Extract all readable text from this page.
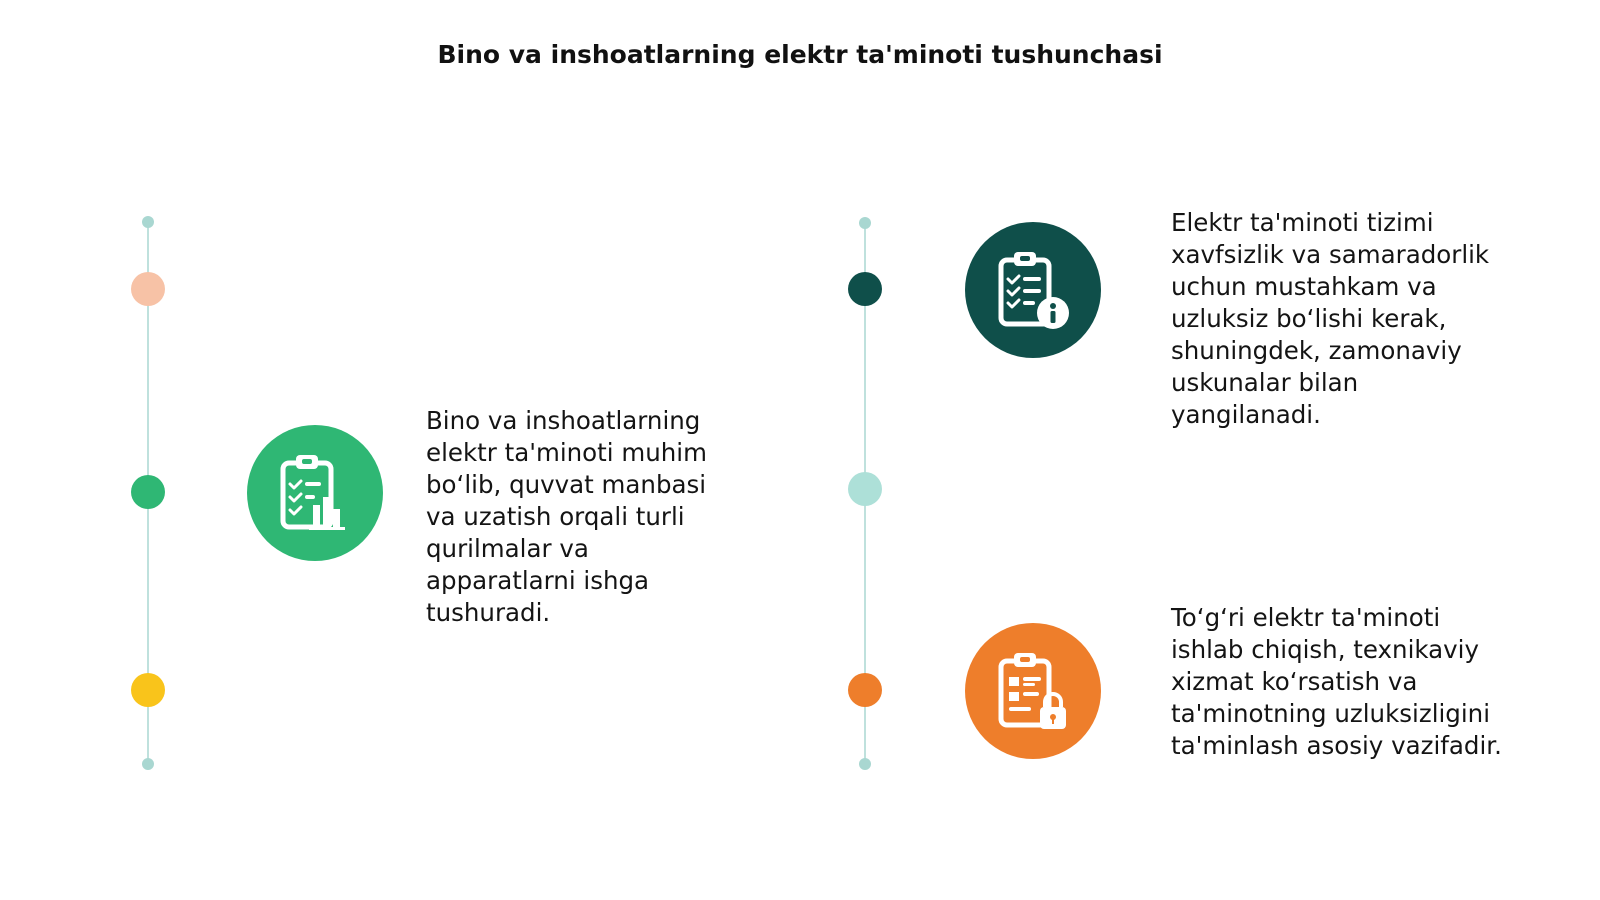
Bino va inshoatlarning elektr ta'minoti tushunchasi

Bino va inshoatlarning
elektr ta'minoti muhim
bo‘lib, quvvat manbasi
va uzatish orqali turli
qurilmalar va
apparatlarni ishga
tushuradi.

Elektr ta'minoti tizimi
xavfsizlik va samaradorlik
uchun mustahkam va
uzluksiz bo‘lishi kerak,
shuningdek, zamonaviy
uskunalar bilan
yangilanadi.

To‘g‘ri elektr ta'minoti
ishlab chiqish, texnikaviy
xizmat ko‘rsatish va
ta'minotning uzluksizligini
ta'minlash asosiy vazifadir.
